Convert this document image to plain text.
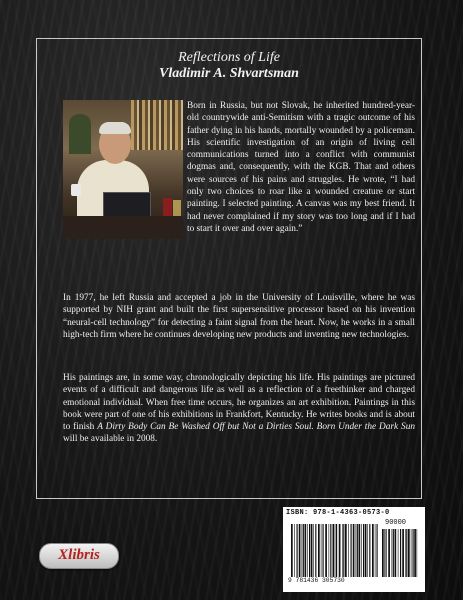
Reflections of Life
Vladimir A. Shvartsman
Born in Russia, but not Slovak, he inherited hundred-year-old countrywide anti-Semitism with a tragic outcome of his father dying in his hands, mortally wounded by a policeman. His scientific investigation of an origin of living cell communications turned into a conflict with communist dogmas and, consequently, with the KGB. That and others were sources of his pains and struggles. He wrote, “I had only two choices to roar like a wounded creature or start painting. I selected painting. A canvas was my best friend. It had never complained if my story was too long and if I had to start it over and over again.”
In 1977, he left Russia and accepted a job in the University of Louisville, where he was supported by NIH grant and built the first supersensitive processor based on his invention “neural-cell technology” for detecting a faint signal from the heart. Now, he works in a small high-tech firm where he continues developing new products and inventing new technologies.
His paintings are, in some way, chronologically depicting his life. His paintings are pictured events of a difficult and dangerous life as well as a reflection of a freethinker and charged emotional individual. When free time occurs, he organizes an art exhibition. Paintings in this book were part of one of his exhibitions in Frankfort, Kentucky. He writes books and is about to finish A Dirty Body Can Be Washed Off but Not a Dirties Soul. Born Under the Dark Sun will be available in 2008.
Xlibris
ISBN: 978-1-4363-0573-0
90000
9 781436 305730
